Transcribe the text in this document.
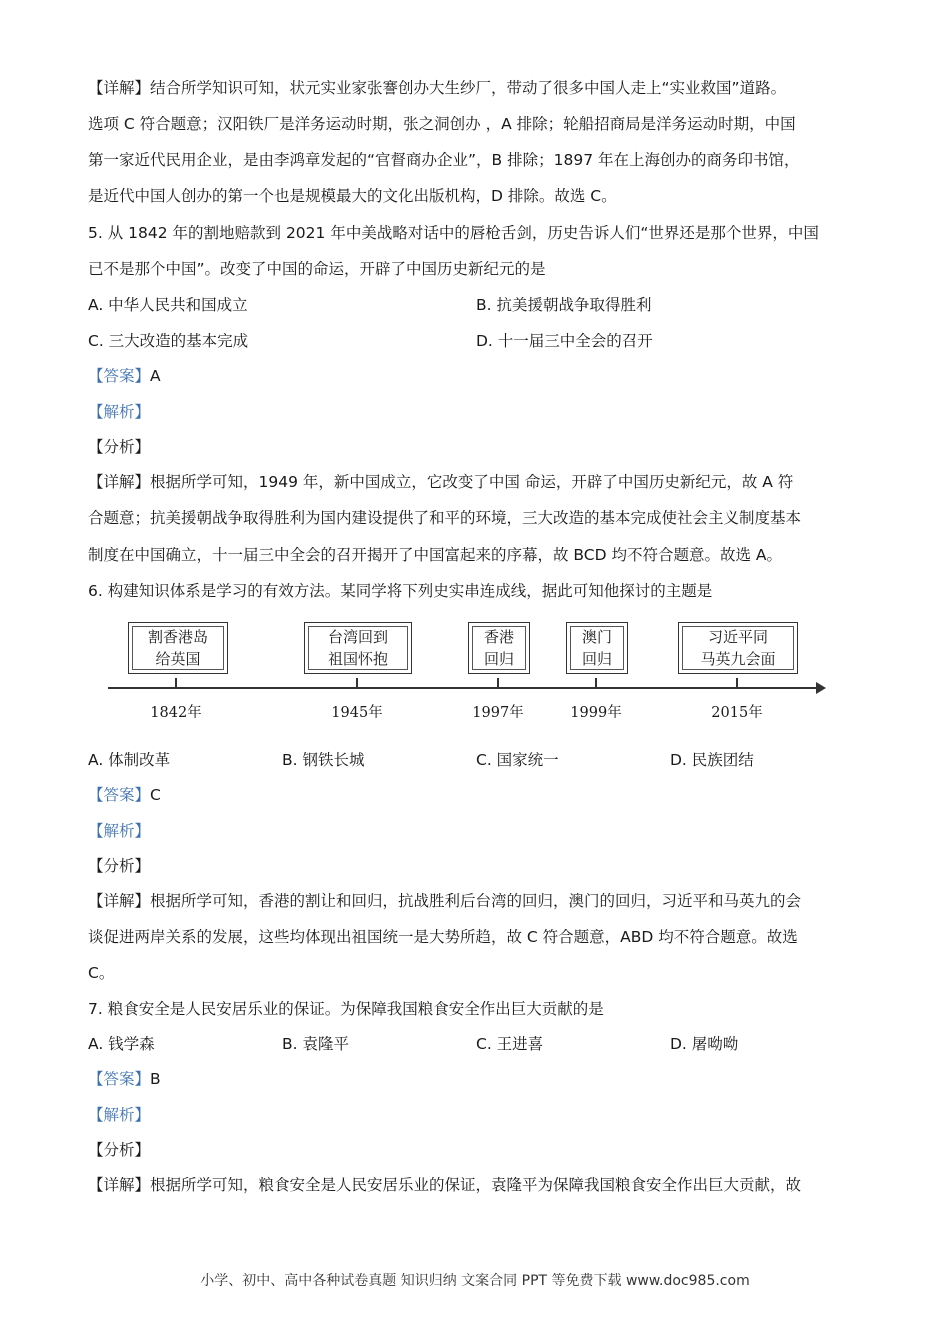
【详解】结合所学知识可知，状元实业家张謇创办大生纱厂，带动了很多中国人走上“实业救国”道路。
选项 C 符合题意；汉阳铁厂是洋务运动时期，张之洞创办 ，A 排除；轮船招商局是洋务运动时期，中国
第一家近代民用企业，是由李鸿章发起的“官督商办企业”，B 排除；1897 年在上海创办的商务印书馆，
是近代中国人创办的第一个也是规模最大的文化出版机构，D 排除。故选 C。
5. 从 1842 年的割地赔款到 2021 年中美战略对话中的唇枪舌剑，历史告诉人们“世界还是那个世界，中国
已不是那个中国”。改变了中国的命运，开辟了中国历史新纪元的是
A. 中华人民共和国成立	B. 抗美援朝战争取得胜利
C. 三大改造的基本完成	D. 十一届三中全会的召开
【答案】A
【解析】
【分析】
【详解】根据所学可知，1949 年，新中国成立，它改变了中国 命运，开辟了中国历史新纪元，故 A 符
合题意；抗美援朝战争取得胜利为国内建设提供了和平的环境，三大改造的基本完成使社会主义制度基本
制度在中国确立，十一届三中全会的召开揭开了中国富起来的序幕，故 BCD 均不符合题意。故选 A。
6. 构建知识体系是学习的有效方法。某同学将下列史实串连成线，据此可知他探讨的主题是
割香港岛
给英国
1842年
台湾回到
祖国怀抱
1945年
香港
回归
1997年
澳门
回归
1999年
习近平同
马英九会面
2015年
A. 体制改革	B. 钢铁长城	C. 国家统一	D. 民族团结
【答案】C
【解析】
【分析】
【详解】根据所学可知，香港的割让和回归，抗战胜利后台湾的回归，澳门的回归，习近平和马英九的会
谈促进两岸关系的发展，这些均体现出祖国统一是大势所趋，故 C 符合题意，ABD 均不符合题意。故选
C。
7. 粮食安全是人民安居乐业的保证。为保障我国粮食安全作出巨大贡献的是
A. 钱学森	B. 袁隆平	C. 王进喜	D. 屠呦呦
【答案】B
【解析】
【分析】
【详解】根据所学可知，粮食安全是人民安居乐业的保证，袁隆平为保障我国粮食安全作出巨大贡献，故
小学、初中、高中各种试卷真题 知识归纳 文案合同 PPT 等免费下载 www.doc985.com
